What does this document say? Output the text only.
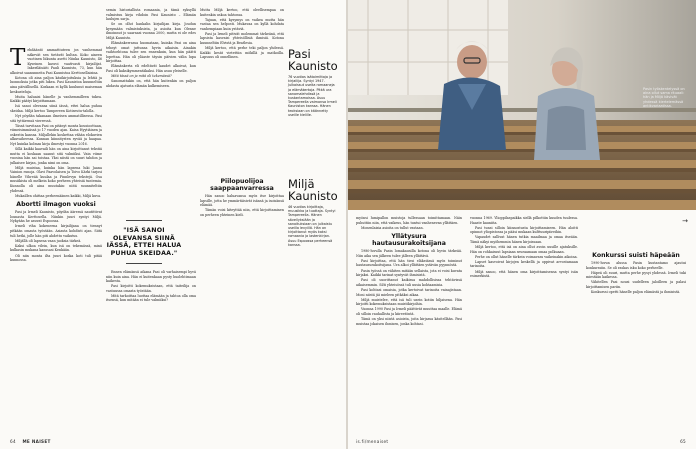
T ehdääntö ammattiuteen jos vanhemmat näkevät sen tietävät kultan. Koko aineen vuotinen liikunta asetti Niinka Kaunisto, 46 Kyseinen kasvoi vaativasti kirjailijat. Inkeriläisäiti Pauli Kaunisto, 73, kun hän alkoivat saanunneita Pasi Kaunistoa Kerttosellaisina.

Kotona oli aina paljon käsikirjoituksia ja lehtiä ja luonnoksia jotka piti lukea. Pasi Kaunistoa kuunneltiin aina päivällisellä. Koskaan ei kyllä kuulunut maiseman keskusteluja.

Muita haluaisi hänelle ja vanhemmilleen tukea. Kaikki päätyi kirjoittamaan.

Isä sanoi olevansa siinä iässä, ettei halua puhua skeidaa. Miljä kertoo Tampereen Kotiseutu-talolla.

Nyt pöydän takanaan ilmeisen ammatillisessa. Pasi sitä tyttärensä vierressä.

Tässä tarvitaan Pasi on pitänyt monta kousioottaan, viimeisimmässä jo 17 vuoden ajan. Kaisa Hyytiäinen ja oskestin kanssa. Miljallekin koskettaa vähän elokuvien alkuvaiheessa. Kunnan kiinnitysten syvää ja haapaa. Nyt kuinka kolmas kirja ilmestyi vuonna 2016.

Sillä kaikki kaavaili hän on aina kirjoittanut tekstiä mutta ei koskaan saanut sitä valmiiksi. Vain viime vuosina hän sai toistaa. Yksi niistä on suuri tahdon ja julkaisee kirjan, jonka nimi on oma.

Miljä muistaa, kuinka hän lapsena luki Jaana Vainion runoja. Olavi Paavolaisen ja Toivo Kärki tarjosi hänelle Vihreää kuulaa ja Finnlevyn tekstejä. Osa musiikista oli melkein koko perheen yhteisiä tuntemia. Kunnolla oli aina muutakin: niitä suunniteltiin yhdessä.

Mukaillen ohittaa perheenäänen kaikki, Miljä kuva.

Abortti ilmagon vuoksi

Pasi ja Irmeli Kaunisto, pöydän ääressä nautittivat lounasta Kerttosella. Niinkin juuri syntyi Miljä. Nykyään he asuvat Espoossa.

Irmeli viha kokeneena kirjailijana on tiennyt pitkään omasta työstään. Asiasta kohdisti ajan. Siitä tuli hetki, jolle hän piti ahdettu vaikutus.

Miljällä oli lapsena vaan juoksia tärkeä.

Kaksi ulkoa vilein, kun isä on tekemässä, minä kulkasin mukana kanssasi Kenkään.

Oli niin monta ilta juuri koska koti tuli pitää kunnossa.

"ISÄ SANOI OLEVANSA SIINÄ IÄSSÄ, ETTEI HALUA PUHUA SKEIDAA."

semin historiallista romaania, ja tämä syksyllä valmistuu kirja vihdoin Pasi Kaunisto – Elämän laulujen sarja.

Se on ollut hankalin kirjailijan kirja. Joudun kysymään valmistuksista, ja asioita kun Olenne ilmoinnut jo saarnasi vuonna 2000, mutta ei ole edes Miljä Kaunisto.

Elämänkerrassa huomataan, kuinka Pasi on aina tehnyt omat juttunsa hyvin aikaisin. Ainakin vaihtoehtona tulee sen ennenkuin, kun hän päätti lopettaa. Hän oli yläaste täysin päivien välin lupa kirjoittaa.

Elämänkerta eli edeltävät kaudet alkoivat, kun Pasi oli kaksikymmentäkaksi. Hän asuu yleiselle.

Mitä tässä on ja mitä oli tekemässä?

Sanomattakin on, että hän kuitenkin on paljon ahdasta ajatusta elämän kulkemiseen.

Ennen elämänsä aikana Pasi oli varhaisempi hyvä niin kuin aina. Hän ei kuitenkaan pysty huolehtimaan kaikesta.

Pasi kirjoitti kokemuksistaan, että taiteilija on vastuussa omasta työstään.

Mitä tarkoittaa luottaa elämään ja tahtoa olla oma itsensä, kun mitään ei tule valmiiksi?

Mutta Miljä kertoo, että oleellisempaa on kuitenkin uskoa tahtonsa.

Tajuan, että kysymys on vaikea mutta hän vastaa sen helposti. Mukavaa on kyllä kohdata vanhempiaan kuin ystäviä.

Pasi ja Irmeli pitivät molemmat tärkeänä, että lapsista kasvaisi yhteisöllisiä ihmisiä. Kotona kuunneltiin Elvistä ja Beatlesia.

Miljä kertoo, että perhe teki paljon yhdessä. Kaikki kesät vietettiin mökillä ja matkoilla. Lapsuus oli onnellinen.

Piilopuolijoa saappaanvarressa

Hän sanoo haluavansa myös itse kirjoittaa lapsille, jotta he ymmärtäisivät isänsä ja isoisänsä elämää.

Tämän voisi kiteyttää niin, että kirjoittaminen on perheen yhteinen kieli.

Pasi Kaunisto
76 vuotias isätoimittaja ja kirjailija. Syntyi 1947. Julkaissut useita romaaneja ja elämäkertoja. Pitkä ura sanomalehdissä ja kustantamoissa. Asuu Tampereella vaimonsa Irmeli Kauniston kanssa. Hänen teoksiaan on käännetty useille kielille.
Miljä Kaunisto
46 vuotias kirjoittaja, muusikko ja tuottaja. Syntyi Tampereella. Hänen sävellyksiään ja sanoituksiaan on julkaistu useilla levyillä. Hän on kirjoittanut myös kaksi romaania ja lastenkirjan. Asuu Espoossa perheensä kanssa.
64 ME NAISET
Pasin työskentelyssä on aina ollut sama rituaali: hän ja Miljä kävivät yhdessä kiertelemässä antikvariaatissa.

myönsi lumipallon muistoja tullessaan toimittamaan. Näin puhuttiin niin, että vaikeus, hän tuntui vanhenevan yllättäen.

Monenlaisia asioita on tullut vastaan.

Yllätysura hautausurakoitsijana

1980-luvulla Pasin lomakausilla kotona oli hyvin tärkeää. Niin aika sen jälkeen tulee jälleen yllättävä.

Pasi kirjoittaa, että hän tiesi eläkeiässä myös toiminut hautausurakoitsijana. Ura alkoi yllättäen ystävän pyynnöstä.

Pasin työssä on vähiten mitään sellaista, jota ei voisi kuvata kirjaksi. Kaikki tarinat syntyvät ihmisistä.

Pasi oli suorittanut kaikissa mahdollisissa tehtävissä aikaisemmin. Silti yhteisössä tuli uusia kohtaamisia.

Pasi kohtasi omaisia, jotka kertoivat tarinoita vainajistaan. Moni niistä jäi mieleen pitkäksi aikaa.

Miljä muistelee, että isä tuli usein kotiin hiljaisena. Hän kirjoitti kokemuksistaan muistikirjoihin.

Vuonna 1990 Pasi ja Irmeli päättivät muuttaa maalle. Elämä oli silloin rauhallista ja kiireetöntä.

Tämä on yksi niistä asioista, joita kirjassa käsitellään. Pasi muistaa jokaisen ihmisen, jonka kohtasi.

vuonna 1969. Ylioppilaspaikka siellä pilkottiin kuuden tuulessa. Haaste kauniita.

Pasi tunsi silloin kiinnostusta kirjoittamiseen. Hän aloitti opinnot yliopistossa ja pääsi mukaan kulttuuripiireihin.

Vapaudet sallivat hänen tutkia maailmaa ja omaa itseään. Tämä näkyi myöhemmin hänen kirjoissaan.

Miljä kertoo, että isä on aina ollut avoin uusille ajatuksille. Hän on rohkaissut lapsiaan seuraamaan omaa polkuaan.

Perhe on ollut hänelle tärkein voimavara vaikeinakin aikoina.

Lapset kasvoivat kirjojen keskellä ja oppivat arvostamaan tarinoita.

Miljä sanoo, että hänen oma kirjoittamisensa syntyi isän esimerkistä.

Konkurssi suisti häpeään

1990-luvun alussa Pasin kustantamo ajautui konkurssiin. Se oli raskas isku koko perheelle.

Häpeä oli suuri, mutta perhe pysyi yhdessä. Irmeli tuki miestään kaikessa.

Vähitellen Pasi nousi uudelleen jaloilleen ja palasi kirjoittamisen pariin.

Konkurssi opetti hänelle paljon elämästä ja ihmisistä.

→
is.fi/menaiset	65
